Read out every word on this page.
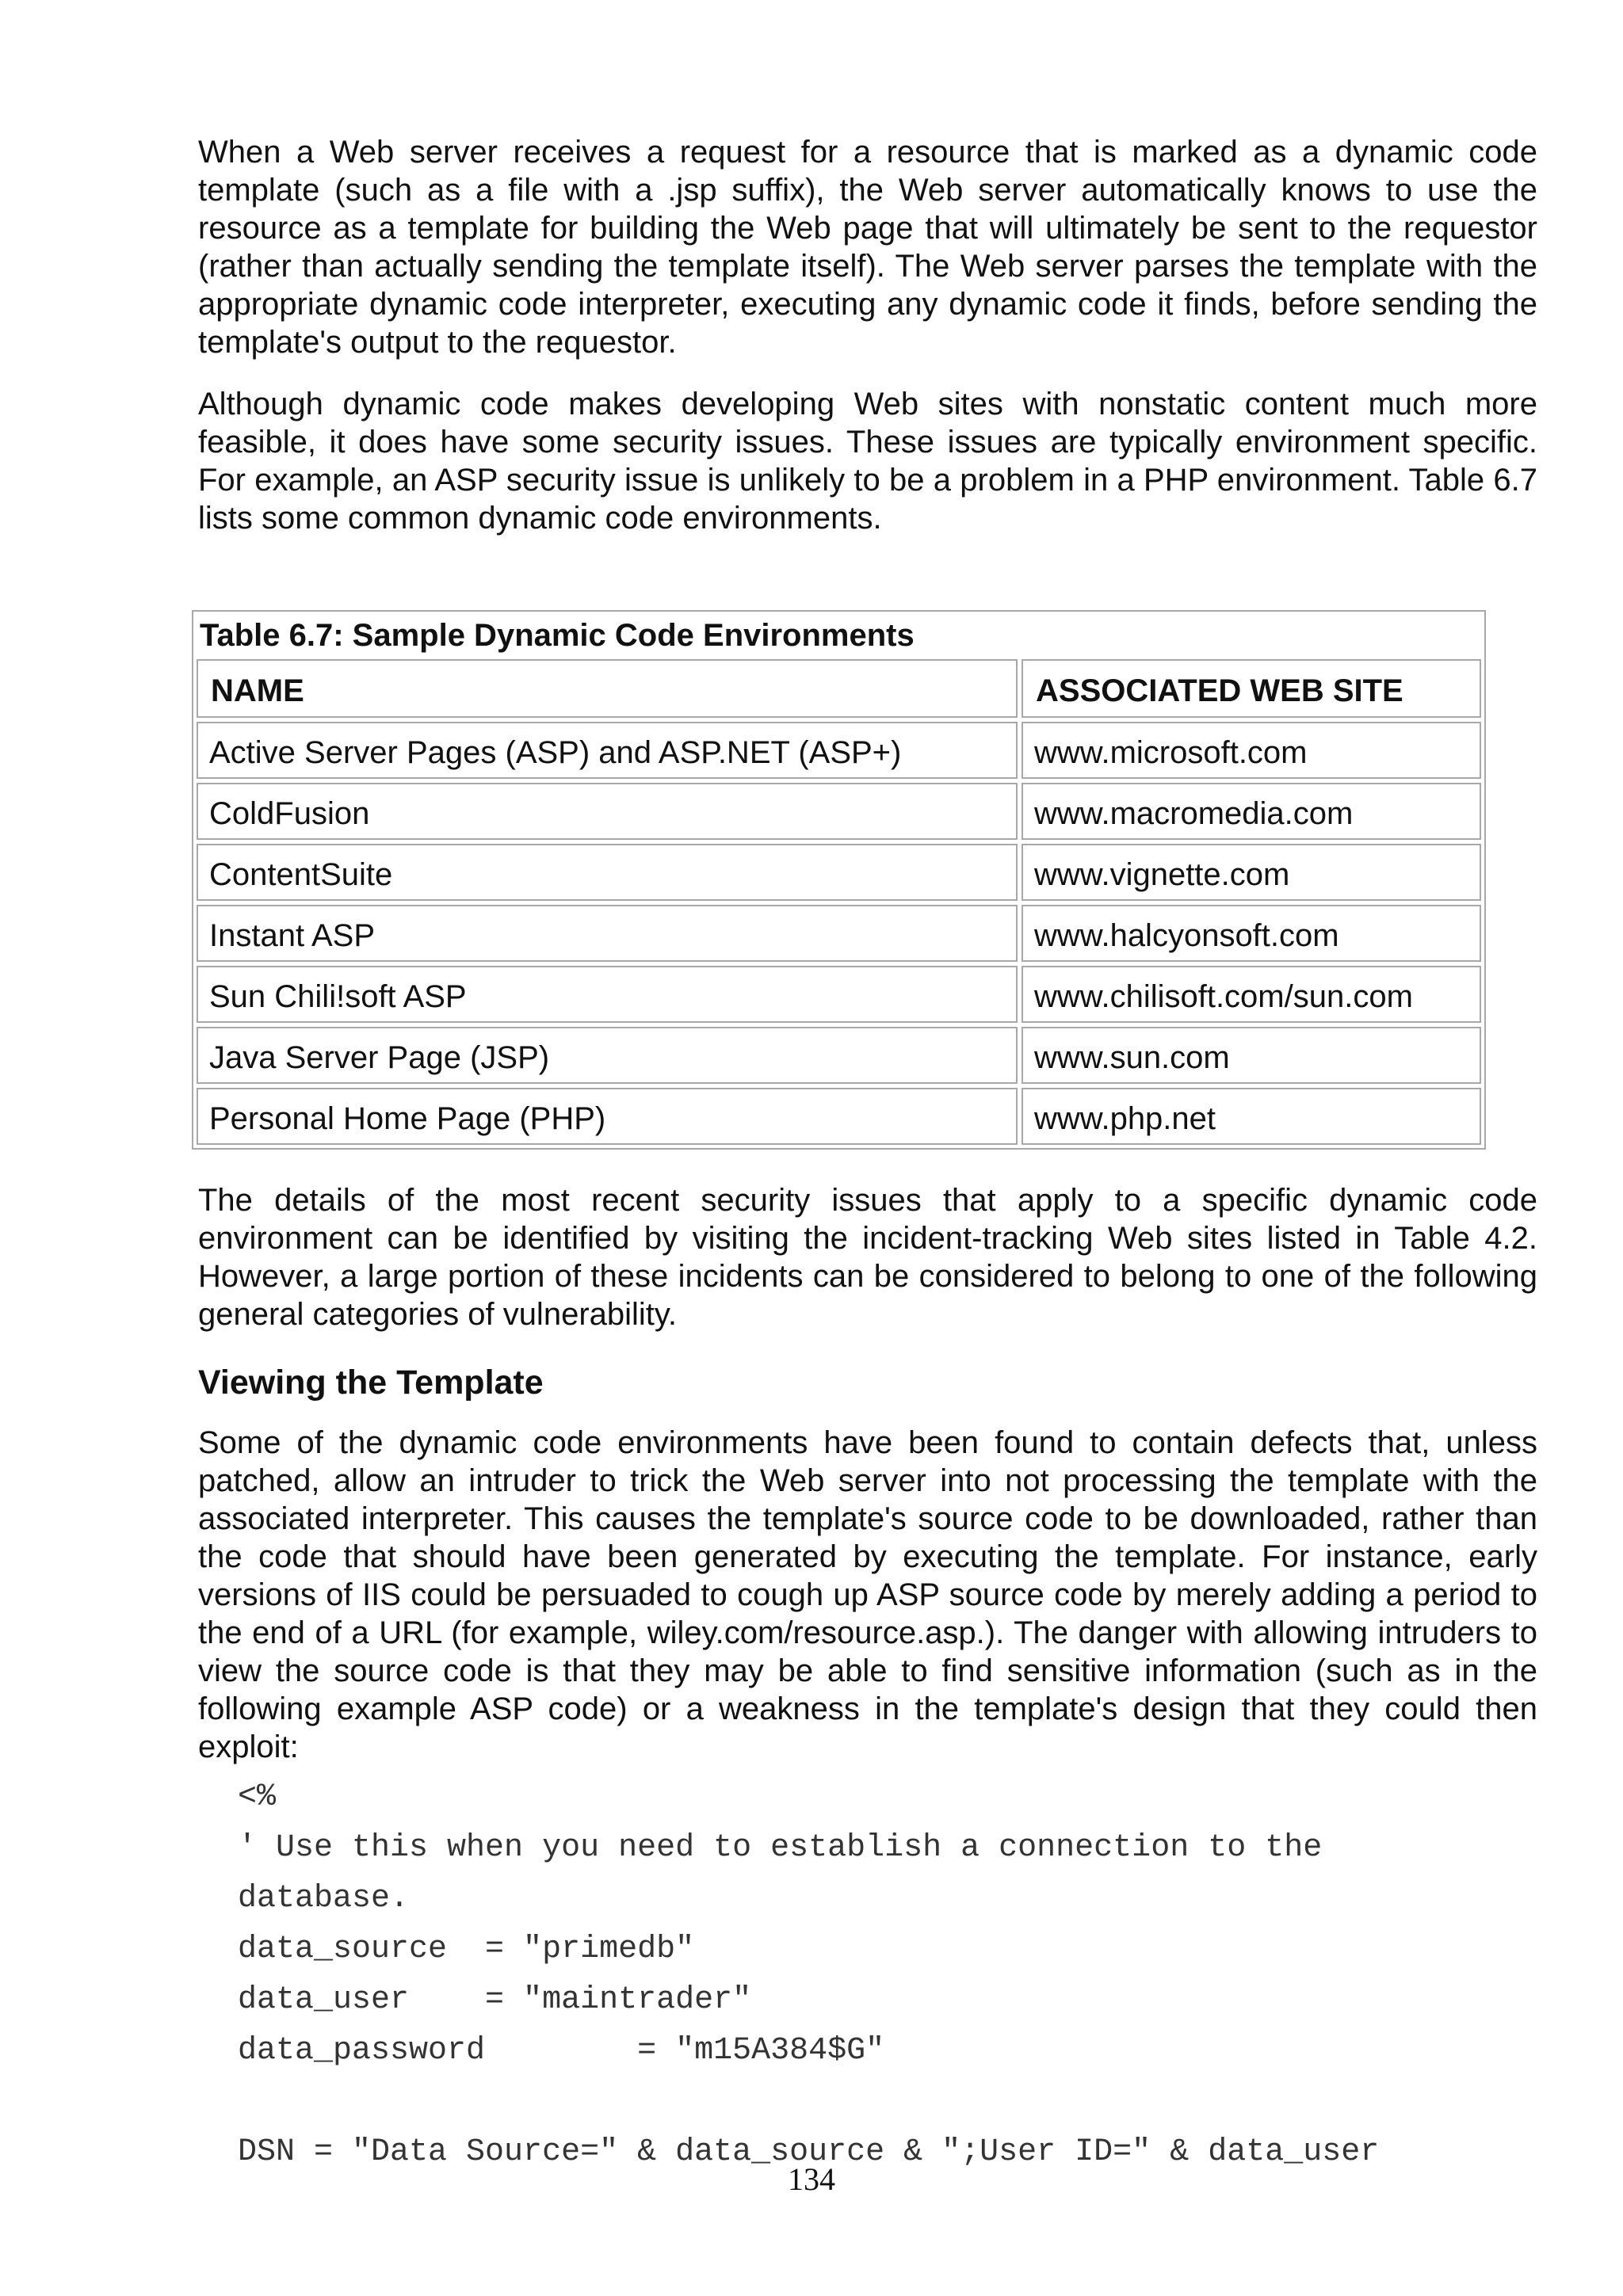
When a Web server receives a request for a resource that is marked as a dynamic code template (such as a file with a .jsp suffix), the Web server automatically knows to use the resource as a template for building the Web page that will ultimately be sent to the requestor (rather than actually sending the template itself). The Web server parses the template with the appropriate dynamic code interpreter, executing any dynamic code it finds, before sending the template's output to the requestor.

Although dynamic code makes developing Web sites with nonstatic content much more feasible, it does have some security issues. These issues are typically environment specific. For example, an ASP security issue is unlikely to be a problem in a PHP environment. Table 6.7 lists some common dynamic code environments.

Table 6.7: Sample Dynamic Code Environments
NAME	ASSOCIATED WEB SITE
Active Server Pages (ASP) and ASP.NET (ASP+)	www.microsoft.com
ColdFusion	www.macromedia.com
ContentSuite	www.vignette.com
Instant ASP	www.halcyonsoft.com
Sun Chili!soft ASP	www.chilisoft.com/sun.com
Java Server Page (JSP)	www.sun.com
Personal Home Page (PHP)	www.php.net

The details of the most recent security issues that apply to a specific dynamic code environment can be identified by visiting the incident-tracking Web sites listed in Table 4.2. However, a large portion of these incidents can be considered to belong to one of the following general categories of vulnerability.

Viewing the Template

Some of the dynamic code environments have been found to contain defects that, unless patched, allow an intruder to trick the Web server into not processing the template with the associated interpreter. This causes the template's source code to be downloaded, rather than the code that should have been generated by executing the template. For instance, early versions of IIS could be persuaded to cough up ASP source code by merely adding a period to the end of a URL (for example, wiley.com/resource.asp.). The danger with allowing intruders to view the source code is that they may be able to find sensitive information (such as in the following example ASP code) or a weakness in the template's design that they could then exploit:

<%
' Use this when you need to establish a connection to the
database.
data_source  = "primedb"
data_user    = "maintrader"
data_password        = "m15A384$G"
DSN = "Data Source=" & data_source & ";User ID=" & data_user
134
